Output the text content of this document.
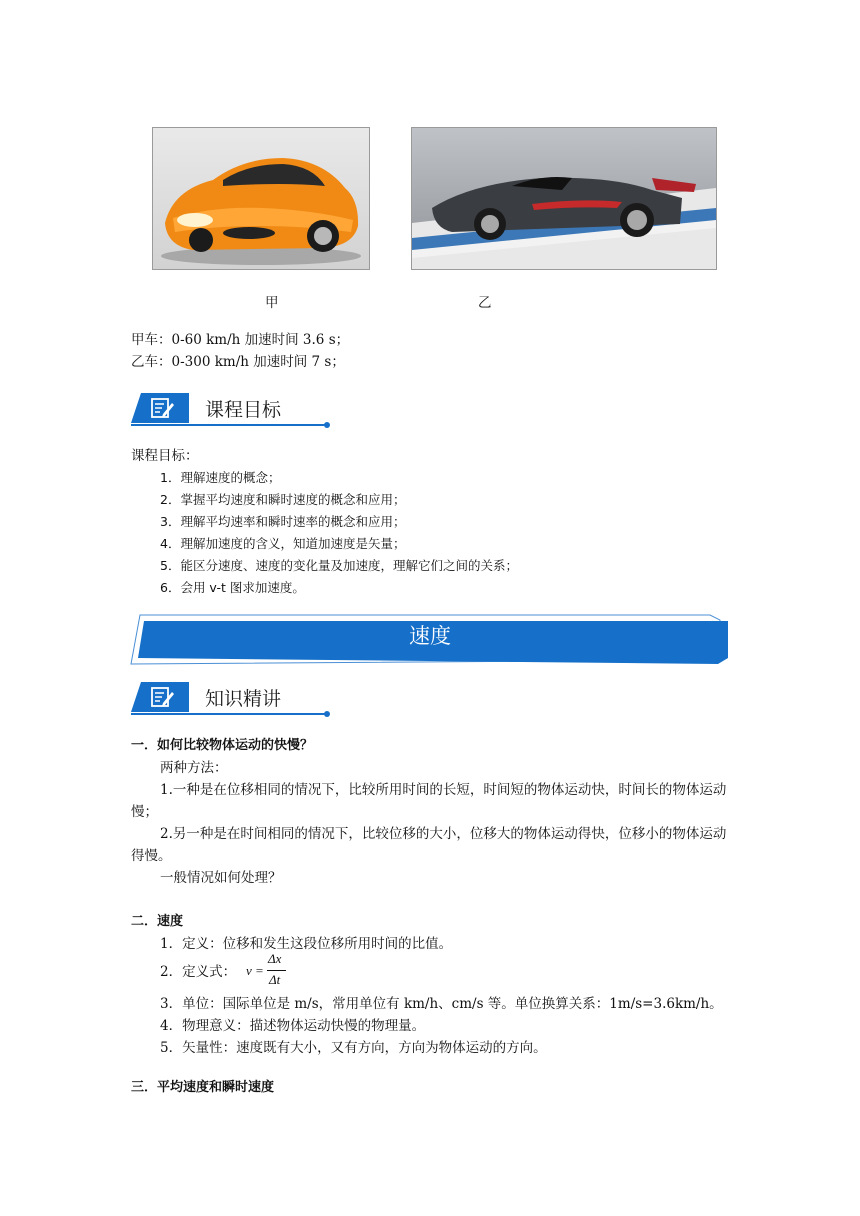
甲	乙
甲车：0-60 km/h 加速时间 3.6 s；
乙车：0-300 km/h 加速时间 7 s；
课程目标
课程目标：
1．理解速度的概念；
2．掌握平均速度和瞬时速度的概念和应用；
3．理解平均速率和瞬时速率的概念和应用；
4．理解加速度的含义，知道加速度是矢量；
5．能区分速度、速度的变化量及加速度，理解它们之间的关系；
6．会用 v-t 图求加速度。
速度
知识精讲
一．如何比较物体运动的快慢？
两种方法：
1.一种是在位移相同的情况下，比较所用时间的长短，时间短的物体运动快，时间长的物体运动慢；
2.另一种是在时间相同的情况下，比较位移的大小，位移大的物体运动得快，位移小的物体运动得慢。
一般情况如何处理？
二．速度
1．定义：位移和发生这段位移所用时间的比值。
2．定义式： v =
Δx
Δt
3．单位：国际单位是 m/s，常用单位有 km/h、cm/s 等。单位换算关系：1m/s=3.6km/h。
4．物理意义：描述物体运动快慢的物理量。
5．矢量性：速度既有大小，又有方向，方向为物体运动的方向。
三．平均速度和瞬时速度
